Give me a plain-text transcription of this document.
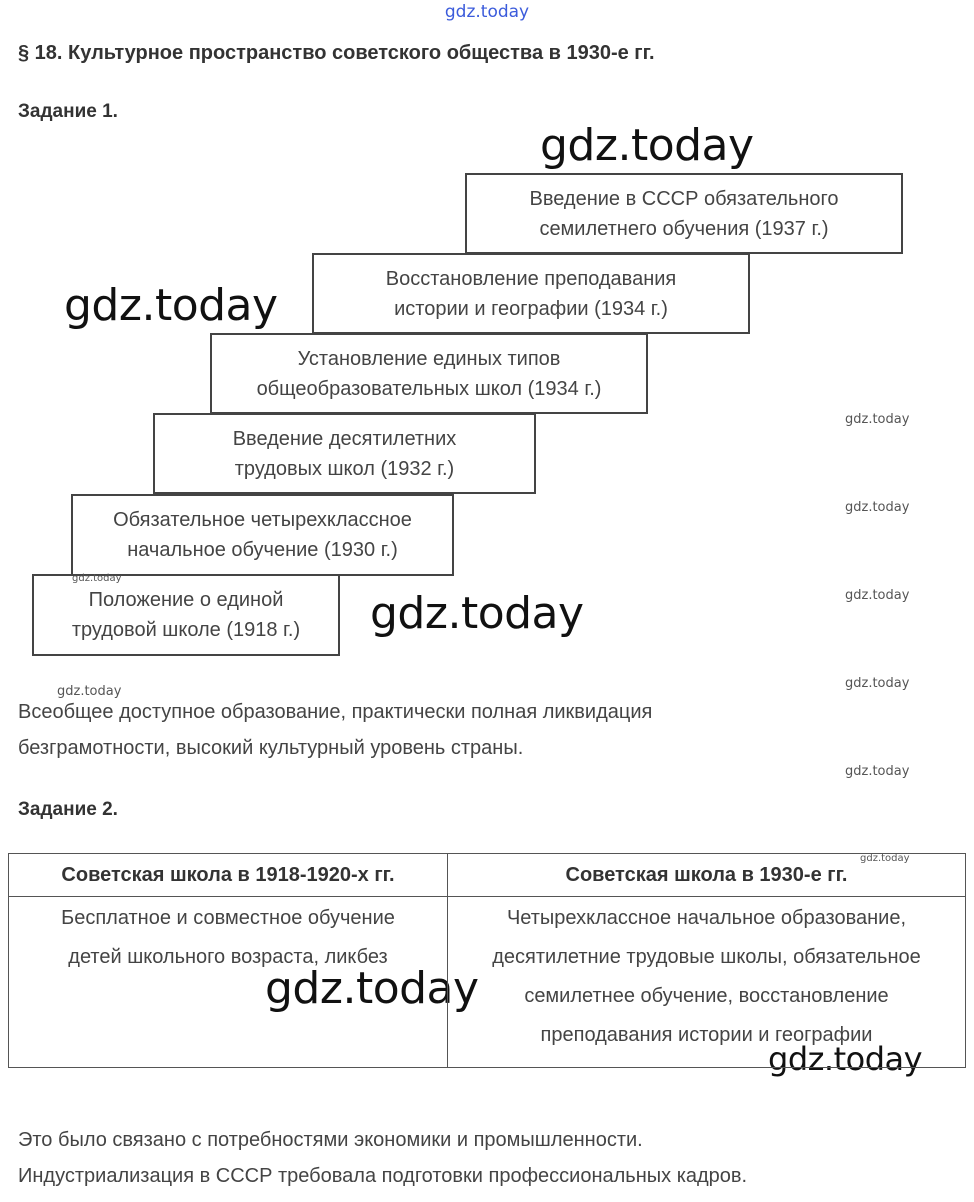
gdz.today
§ 18. Культурное пространство советского общества в 1930-е гг.
Задание 1.
Положение о единой
трудовой школе (1918 г.)
Обязательное четырехклассное
начальное обучение (1930 г.)
Введение десятилетних
трудовых школ (1932 г.)
Установление единых типов
общеобразовательных школ (1934 г.)
Восстановление преподавания
истории и географии (1934 г.)
Введение в СССР обязательного
семилетнего обучения (1937 г.)
gdz.today
gdz.today
gdz.today
gdz.today
gdz.today
gdz.today
gdz.today
gdz.today
gdz.today
gdz.today
gdz.today
gdz.today
Всеобщее доступное образование, практически полная ликвидация
безграмотности, высокий культурный уровень страны.
Задание 2.
Советская школа в 1918-1920-х гг.	Советская школа в 1930-е гг.

Бесплатное и совместное обучение
детей школьного возраста, ликбез	Четырехклассное начальное образование,
десятилетние трудовые школы, обязательное
семилетнее обучение, восстановление
преподавания истории и географии
gdz.today
Это было связано с потребностями экономики и промышленности.
Индустриализация в СССР требовала подготовки профессиональных кадров.
